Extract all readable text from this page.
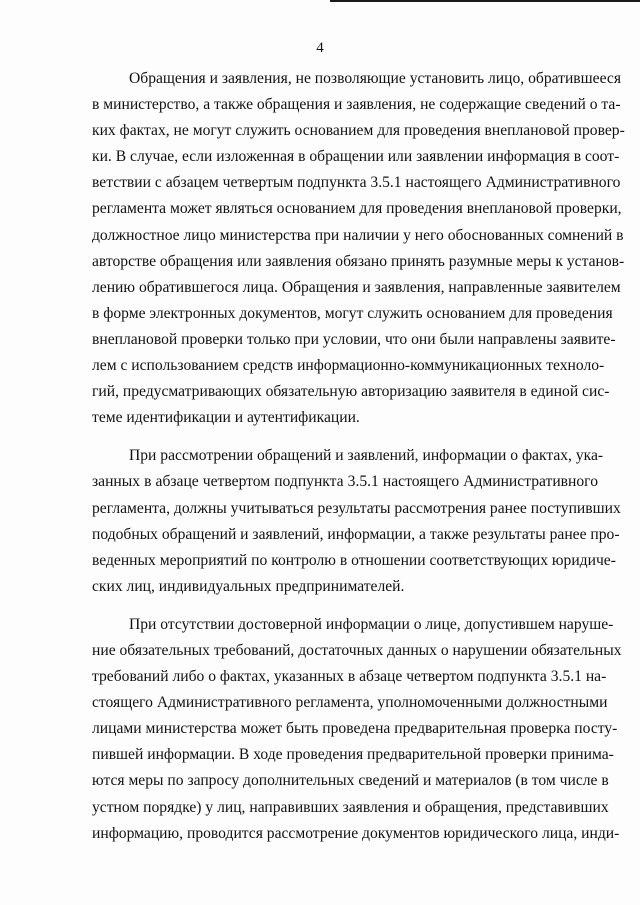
4
Обращения и заявления, не позволяющие установить лицо, обратившееся
в министерство, а также обращения и заявления, не содержащие сведений о та-
ких фактах, не могут служить основанием для проведения внеплановой провер-
ки. В случае, если изложенная в обращении или заявлении информация в соот-
ветствии с абзацем четвертым подпункта 3.5.1 настоящего Административного
регламента может являться основанием для проведения внеплановой проверки,
должностное лицо министерства при наличии у него обоснованных сомнений в
авторстве обращения или заявления обязано принять разумные меры к установ-
лению обратившегося лица. Обращения и заявления, направленные заявителем
в форме электронных документов, могут служить основанием для проведения
внеплановой проверки только при условии, что они были направлены заявите-
лем с использованием средств информационно-коммуникационных техноло-
гий, предусматривающих обязательную авторизацию заявителя в единой сис-
теме идентификации и аутентификации.
При рассмотрении обращений и заявлений, информации о фактах, ука-
занных в абзаце четвертом подпункта 3.5.1 настоящего Административного
регламента, должны учитываться результаты рассмотрения ранее поступивших
подобных обращений и заявлений, информации, а также результаты ранее про-
веденных мероприятий по контролю в отношении соответствующих юридиче-
ских лиц, индивидуальных предпринимателей.
При отсутствии достоверной информации о лице, допустившем наруше-
ние обязательных требований, достаточных данных о нарушении обязательных
требований либо о фактах, указанных в абзаце четвертом подпункта 3.5.1 на-
стоящего Административного регламента, уполномоченными должностными
лицами министерства может быть проведена предварительная проверка посту-
пившей информации. В ходе проведения предварительной проверки принима-
ются меры по запросу дополнительных сведений и материалов (в том числе в
устном порядке) у лиц, направивших заявления и обращения, представивших
информацию, проводится рассмотрение документов юридического лица, инди-
